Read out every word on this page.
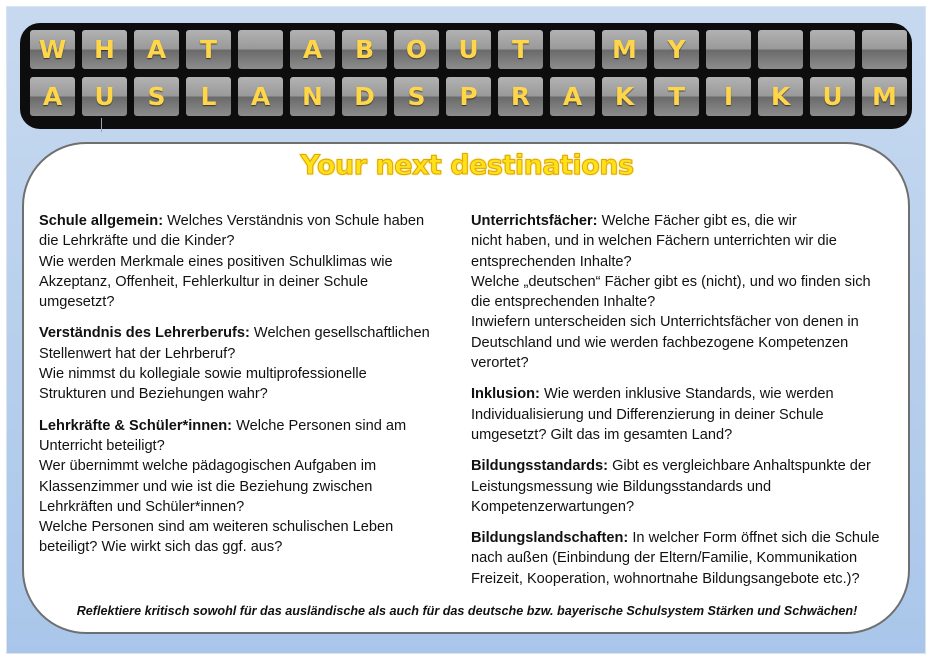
W	H	A	T	A	B	O	U	T	M	Y
A	U	S	L	A	N	D	S	P	R	A	K	T	I	K	U	M
Your next destinations
Schule allgemein: Welches Verständnis von Schule haben
die Lehrkräfte und die Kinder?
Wie werden Merkmale eines positiven Schulklimas wie
Akzeptanz, Offenheit, Fehlerkultur in deiner Schule
umgesetzt?
Verständnis des Lehrerberufs: Welchen gesellschaftlichen
Stellenwert hat der Lehrberuf?
Wie nimmst du kollegiale sowie multiprofessionelle
Strukturen und Beziehungen wahr?
Lehrkräfte & Schüler*innen: Welche Personen sind am
Unterricht beteiligt?
Wer übernimmt welche pädagogischen Aufgaben im
Klassenzimmer und wie ist die Beziehung zwischen
Lehrkräften und Schüler*innen?
Welche Personen sind am weiteren schulischen Leben
beteiligt? Wie wirkt sich das ggf. aus?
Unterrichtsfächer: Welche Fächer gibt es, die wir
nicht haben, und in welchen Fächern unterrichten wir die
entsprechenden Inhalte?
Welche „deutschen“ Fächer gibt es (nicht), und wo finden sich
die entsprechenden Inhalte?
Inwiefern unterscheiden sich Unterrichtsfächer von denen in
Deutschland und wie werden fachbezogene Kompetenzen
verortet?
Inklusion: Wie werden inklusive Standards, wie werden
Individualisierung und Differenzierung in deiner Schule
umgesetzt? Gilt das im gesamten Land?
Bildungsstandards: Gibt es vergleichbare Anhaltspunkte der
Leistungsmessung wie Bildungsstandards und
Kompetenzerwartungen?
Bildungslandschaften: In welcher Form öffnet sich die Schule
nach außen (Einbindung der Eltern/Familie, Kommunikation
Freizeit, Kooperation, wohnortnahe Bildungsangebote etc.)?
Reflektiere kritisch sowohl für das ausländische als auch für das deutsche bzw. bayerische Schulsystem Stärken und Schwächen!
